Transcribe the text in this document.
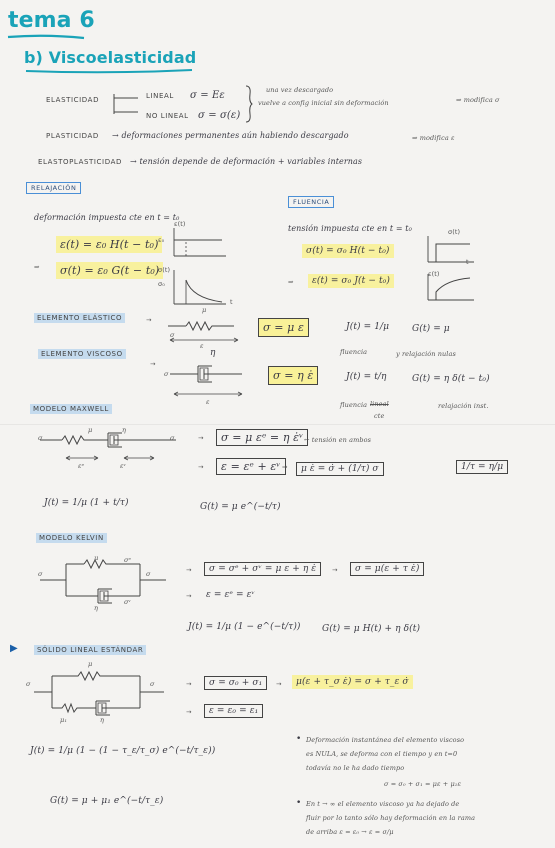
tema 6
b) Viscoelasticidad
ELASTICIDAD	LINEAL σ = Eε
NO LINEAL σ = σ(ε)
una vez descargado
vuelve a config inicial sin deformación	⇒ modifica σ
PLASTICIDAD → deformaciones permanentes aún habiendo descargado	⇒ modifica ε
ELASTOPLASTICIDAD → tensión depende de deformación + variables internas
RELAJACIÓN
deformación impuesta cte en t = t₀
ε(t) = ε₀ H(t − t₀)
⇒	σ(t) = ε₀ G(t − t₀)
ε(t)
ε₀
σ(t)
σ₀
t
FLUENCIA
tensión impuesta cte en t = t₀
σ(t) = σ₀ H(t − t₀)
⇒	ε(t) = σ₀ J(t − t₀)
σ(t)
ε(t)
t
ELEMENTO ELÁSTICO	→
μ
σ
ε
σ = μ ε	J(t) = 1/μ	G(t) = μ
ELEMENTO VISCOSO
→
η
σ
ε
σ = η ε̇
fluencia	y relajación nulas
J(t) = t/η	G(t) = η δ(t − t₀)
fluencia lineal
cte
relajación inst.
MODELO MAXWELL
μ	η
σ	σ
εᵉ	εᵛ
→	σ = μ εᵉ = η ε̇ᵛ ← tensión en ambos
→	ε = εᵉ + εᵛ ⇒	μ ε̇ = σ̇ + (1/τ) σ	1/τ = η/μ
J(t) = 1/μ (1 + t/τ)	G(t) = μ e^(−t/τ)
MODELO KELVIN
μ
η
σ	σ
σᵉ
σᵛ
→	σ = σᵉ + σᵛ = μ ε + η ε̇	→	σ = μ(ε + τ ε̇)
→ ε = εᵉ = εᵛ
J(t) = 1/μ (1 − e^(−t/τ)) G(t) = μ H(t) + η δ(t)
▶	SÓLIDO LINEAL ESTÁNDAR
μ
μ₁	η
σ	σ	→	σ = σ₀ + σ₁	→	μ(ε + τ_σ ε̇) = σ + τ_ε σ̇
→	ε = ε₀ = ε₁
J(t) = 1/μ (1 − (1 − τ_ε/τ_σ) e^(−t/τ_ε))
G(t) = μ + μ₁ e^(−t/τ_ε)
• Deformación instantánea del elemento viscoso
es NULA, se deforma con el tiempo y en t=0
todavía no le ha dado tiempo
σ = σ₀ + σ₁ = με + μ₁ε
• En t → ∞ el elemento viscoso ya ha dejado de
fluir por lo tanto sólo hay deformación en la rama
de arriba ε = ε₀ → ε = σ/μ
